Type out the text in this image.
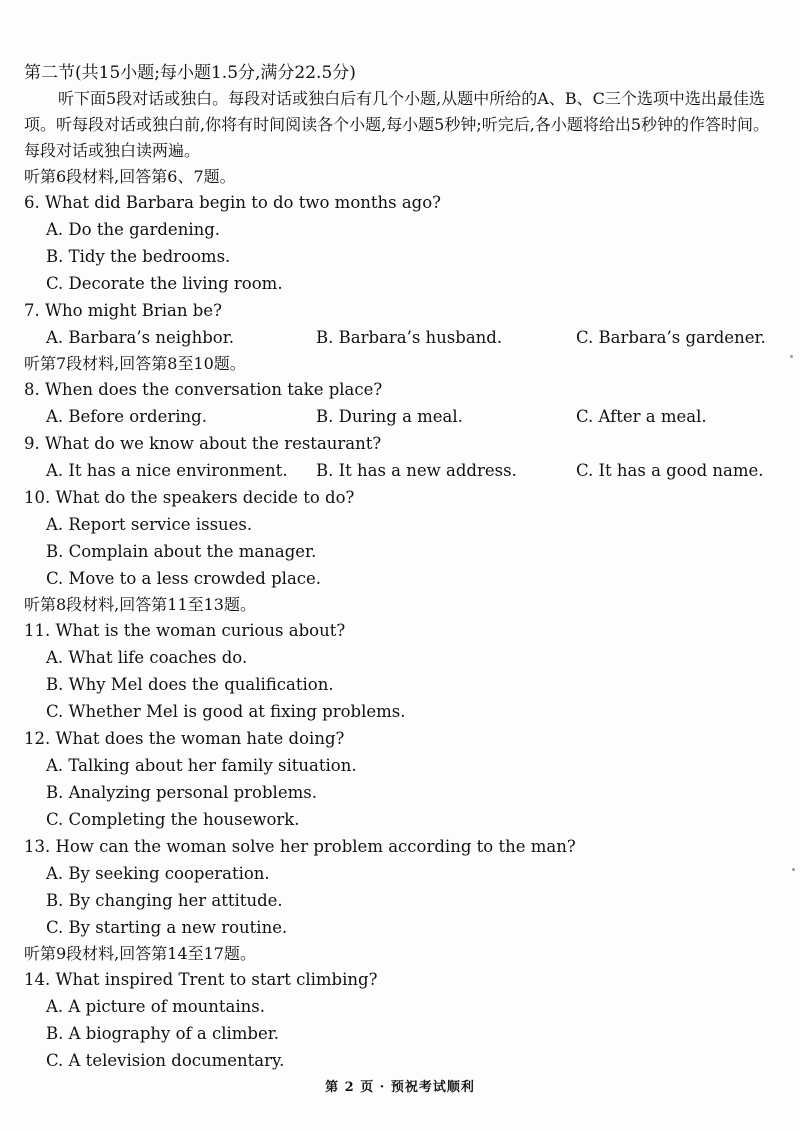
第二节(共15小题;每小题1.5分,满分22.5分)

听下面5段对话或独白。每段对话或独白后有几个小题,从题中所给的A、B、C三个选项中选出最佳选项。听每段对话或独白前,你将有时间阅读各个小题,每小题5秒钟;听完后,各小题将给出5秒钟的作答时间。每段对话或独白读两遍。

听第6段材料,回答第6、7题。

6. What did Barbara begin to do two months ago?

A. Do the gardening.

B. Tidy the bedrooms.

C. Decorate the living room.

7. Who might Brian be?

A. Barbara’s neighbor.	B. Barbara’s husband.	C. Barbara’s gardener.

听第7段材料,回答第8至10题。

8. When does the conversation take place?

A. Before ordering.	B. During a meal.	C. After a meal.

9. What do we know about the restaurant?

A. It has a nice environment.	B. It has a new address.	C. It has a good name.

10. What do the speakers decide to do?

A. Report service issues.

B. Complain about the manager.

C. Move to a less crowded place.

听第8段材料,回答第11至13题。

11. What is the woman curious about?

A. What life coaches do.

B. Why Mel does the qualification.

C. Whether Mel is good at fixing problems.

12. What does the woman hate doing?

A. Talking about her family situation.

B. Analyzing personal problems.

C. Completing the housework.

13. How can the woman solve her problem according to the man?

A. By seeking cooperation.

B. By changing her attitude.

C. By starting a new routine.

听第9段材料,回答第14至17题。

14. What inspired Trent to start climbing?

A. A picture of mountains.

B. A biography of a climber.

C. A television documentary.

第 2 页 · 预祝考试顺利
